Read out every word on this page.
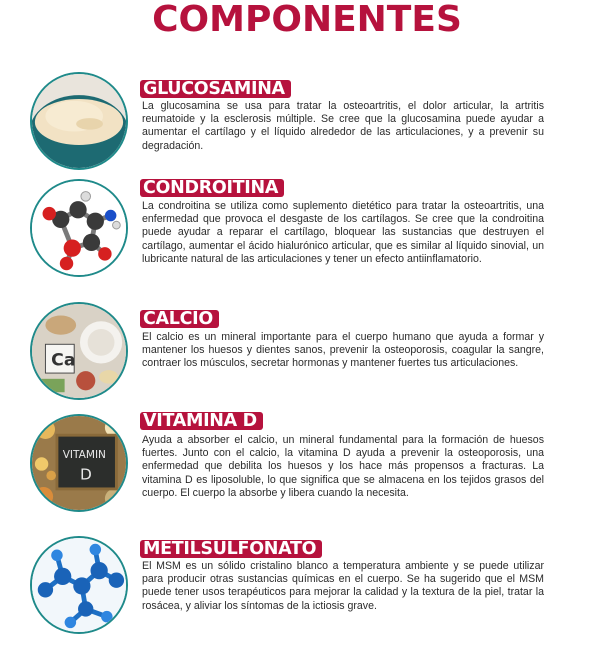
COMPONENTES
GLUCOSAMINA
La glucosamina se usa para tratar la osteoartritis, el dolor articular, la artritis reumatoide y la esclerosis múltiple. Se cree que la glucosamina puede ayudar a aumentar el cartílago y el líquido alrededor de las articulaciones, y a prevenir su degradación.
CONDROITINA
La condroitina se utiliza como suplemento dietético para tratar la osteoartritis, una enfermedad que provoca el desgaste de los cartílagos. Se cree que la condroitina puede ayudar a reparar el cartílago, bloquear las sustancias que destruyen el cartílago, aumentar el ácido hialurónico articular, que es similar al líquido sinovial, un lubricante natural de las articulaciones y tener un efecto antiinflamatorio.
Ca
CALCIO
El calcio es un mineral importante para el cuerpo humano que ayuda a formar y mantener los huesos y dientes sanos, prevenir la osteoporosis, coagular la sangre, contraer los músculos, secretar hormonas y mantener fuertes tus articulaciones.
VITAMIN
D
VITAMINA D
Ayuda a absorber el calcio, un mineral fundamental para la formación de huesos fuertes. Junto con el calcio, la vitamina D ayuda a prevenir la osteoporosis, una enfermedad que debilita los huesos y los hace más propensos a fracturas. La vitamina D es liposoluble, lo que significa que se almacena en los tejidos grasos del cuerpo. El cuerpo la absorbe y libera cuando la necesita.
METILSULFONATO
El MSM es un sólido cristalino blanco a temperatura ambiente y se puede utilizar para producir otras sustancias químicas en el cuerpo. Se ha sugerido que el MSM puede tener usos terapéuticos para mejorar la calidad y la textura de la piel, tratar la rosácea, y aliviar los síntomas de la ictiosis grave.
